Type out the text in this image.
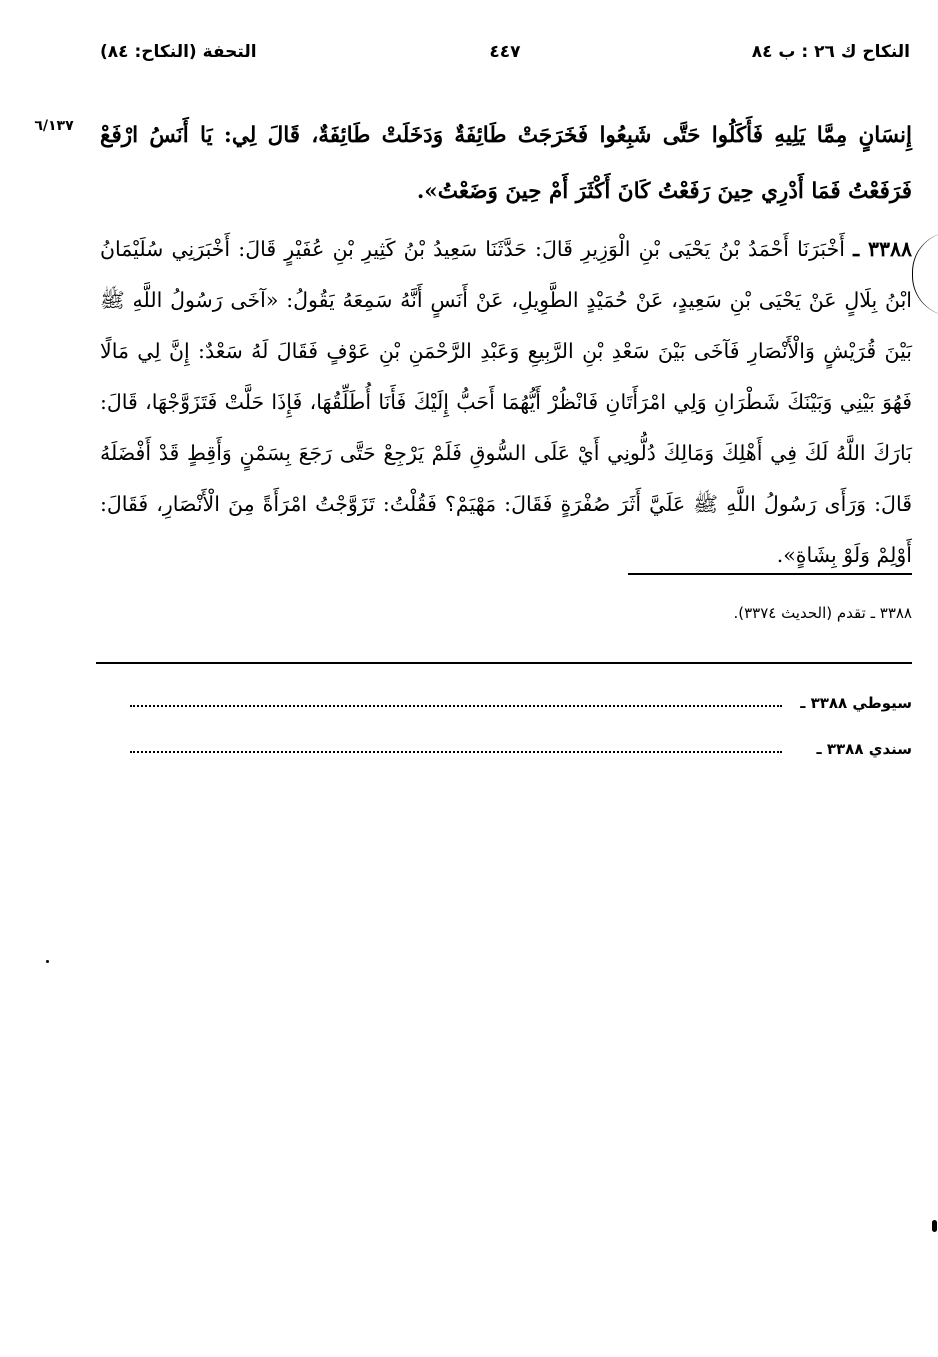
النكاح ك ٢٦ : ب ٨٤
٤٤٧
التحفة (النكاح: ٨٤)
٦/١٣٧	إِنسَانٍ مِمَّا يَلِيهِ فَأَكَلُوا حَتَّى شَبِعُوا فَخَرَجَتْ طَائِفَةٌ وَدَخَلَتْ طَائِفَةٌ، قَالَ لِي: يَا أَنَسُ ارْفَعْ فَرَفَعْتُ فَمَا أَدْرِي حِينَ رَفَعْتُ كَانَ أَكْثَرَ أَمْ حِينَ وَضَعْتُ».
٣٣٨٨ ـ أَخْبَرَنَا أَحْمَدُ بْنُ يَحْيَى بْنِ الْوَزِيرِ قَالَ: حَدَّثَنَا سَعِيدُ بْنُ كَثِيرِ بْنِ عُفَيْرٍ قَالَ: أَخْبَرَنِي سُلَيْمَانُ ابْنُ بِلَالٍ عَنْ يَحْيَى بْنِ سَعِيدٍ، عَنْ حُمَيْدٍ الطَّوِيلِ، عَنْ أَنَسٍ أَنَّهُ سَمِعَهُ يَقُولُ: «آخَى رَسُولُ اللَّهِ ﷺ بَيْنَ قُرَيْشٍ وَالْأَنْصَارِ فَآخَى بَيْنَ سَعْدِ بْنِ الرَّبِيعِ وَعَبْدِ الرَّحْمَنِ بْنِ عَوْفٍ فَقَالَ لَهُ سَعْدٌ: إِنَّ لِي مَالًا فَهُوَ بَيْنِي وَبَيْنَكَ شَطْرَانِ وَلِي امْرَأَتَانِ فَانْظُرْ أَيُّهُمَا أَحَبُّ إِلَيْكَ فَأَنَا أُطَلِّقُهَا، فَإِذَا حَلَّتْ فَتَزَوَّجْهَا، قَالَ: بَارَكَ اللَّهُ لَكَ فِي أَهْلِكَ وَمَالِكَ دُلُّونِي أَيْ عَلَى السُّوقِ فَلَمْ يَرْجِعْ حَتَّى رَجَعَ بِسَمْنٍ وَأَقِطٍ قَدْ أَفْضَلَهُ قَالَ: وَرَأَى رَسُولُ اللَّهِ ﷺ عَلَيَّ أَثَرَ صُفْرَةٍ فَقَالَ: مَهْيَمْ؟ فَقُلْتُ: تَزَوَّجْتُ امْرَأَةً مِنَ الْأَنْصَارِ، فَقَالَ: أَوْلِمْ وَلَوْ بِشَاةٍ».
٣٣٨٨ ـ تقدم (الحديث ٣٣٧٤).
سيوطي ٣٣٨٨ ـ
سندي ٣٣٨٨ ـ
